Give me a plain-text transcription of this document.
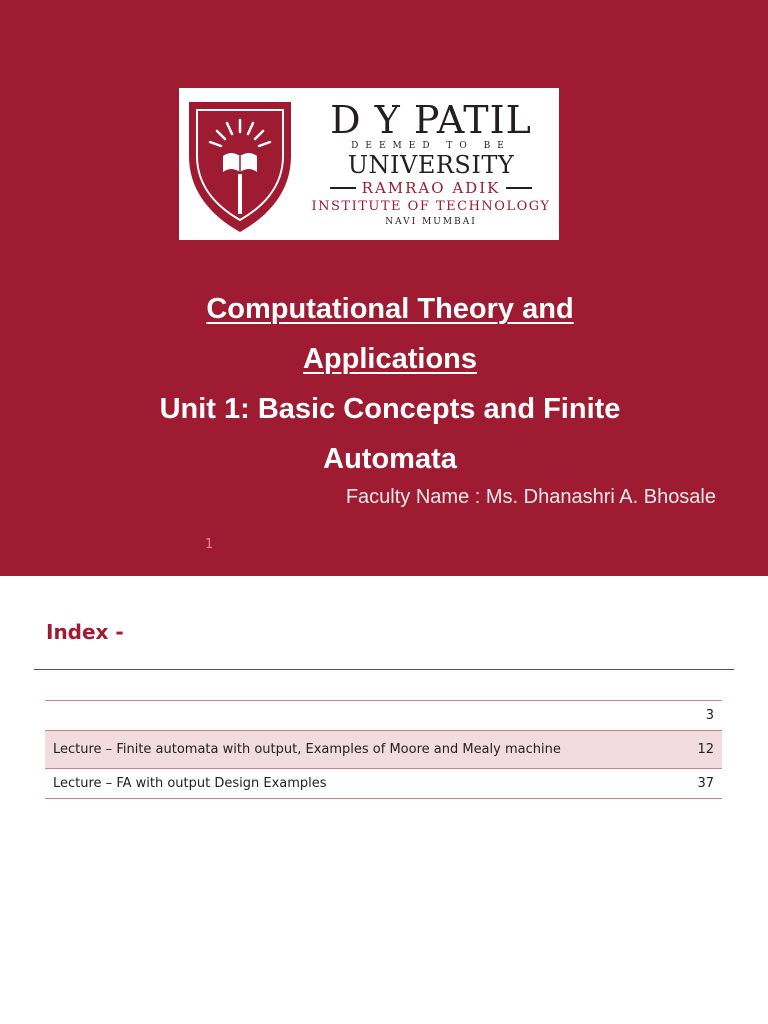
D Y PATIL
DEEMED TO BE
UNIVERSITY
RAMRAO ADIK
INSTITUTE OF TECHNOLOGY
NAVI MUMBAI
Computational Theory and
Applications
Unit 1: Basic Concepts and Finite
Automata
Faculty Name : Ms. Dhanashri A. Bhosale
1
Index -
3
Lecture – Finite automata with output, Examples of Moore and Mealy machine	12
Lecture – FA with output Design Examples	37
